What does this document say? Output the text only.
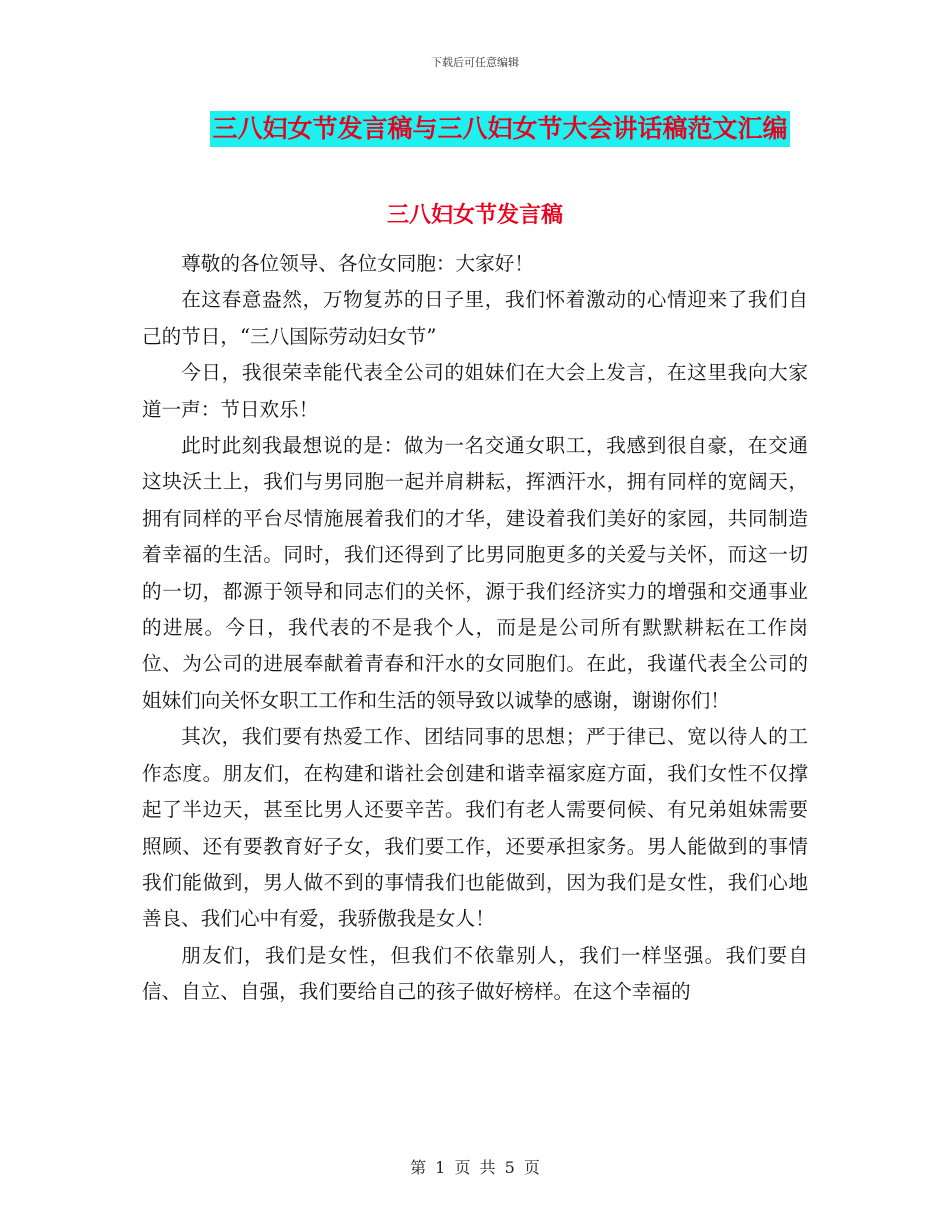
下载后可任意编辑
三八妇女节发言稿与三八妇女节大会讲话稿范文汇编
三八妇女节发言稿

尊敬的各位领导、各位女同胞：大家好！

在这春意盎然，万物复苏的日子里，我们怀着激动的心情迎来了我们自己的节日，“三八国际劳动妇女节”

今日，我很荣幸能代表全公司的姐妹们在大会上发言，在这里我向大家道一声：节日欢乐！

此时此刻我最想说的是：做为一名交通女职工，我感到很自豪，在交通这块沃土上，我们与男同胞一起并肩耕耘，挥洒汗水，拥有同样的宽阔天，拥有同样的平台尽情施展着我们的才华，建设着我们美好的家园，共同制造着幸福的生活。同时，我们还得到了比男同胞更多的关爱与关怀，而这一切的一切，都源于领导和同志们的关怀，源于我们经济实力的增强和交通事业的进展。今日，我代表的不是我个人，而是是公司所有默默耕耘在工作岗位、为公司的进展奉献着青春和汗水的女同胞们。在此，我谨代表全公司的姐妹们向关怀女职工工作和生活的领导致以诚挚的感谢，谢谢你们！

其次，我们要有热爱工作、团结同事的思想；严于律已、宽以待人的工作态度。朋友们，在构建和谐社会创建和谐幸福家庭方面，我们女性不仅撑起了半边天，甚至比男人还要辛苦。我们有老人需要伺候、有兄弟姐妹需要照顾、还有要教育好子女，我们要工作，还要承担家务。男人能做到的事情我们能做到，男人做不到的事情我们也能做到，因为我们是女性，我们心地善良、我们心中有爱，我骄傲我是女人！

朋友们，我们是女性，但我们不依靠别人，我们一样坚强。我们要自信、自立、自强，我们要给自己的孩子做好榜样。在这个幸福的

第 1 页 共 5 页
